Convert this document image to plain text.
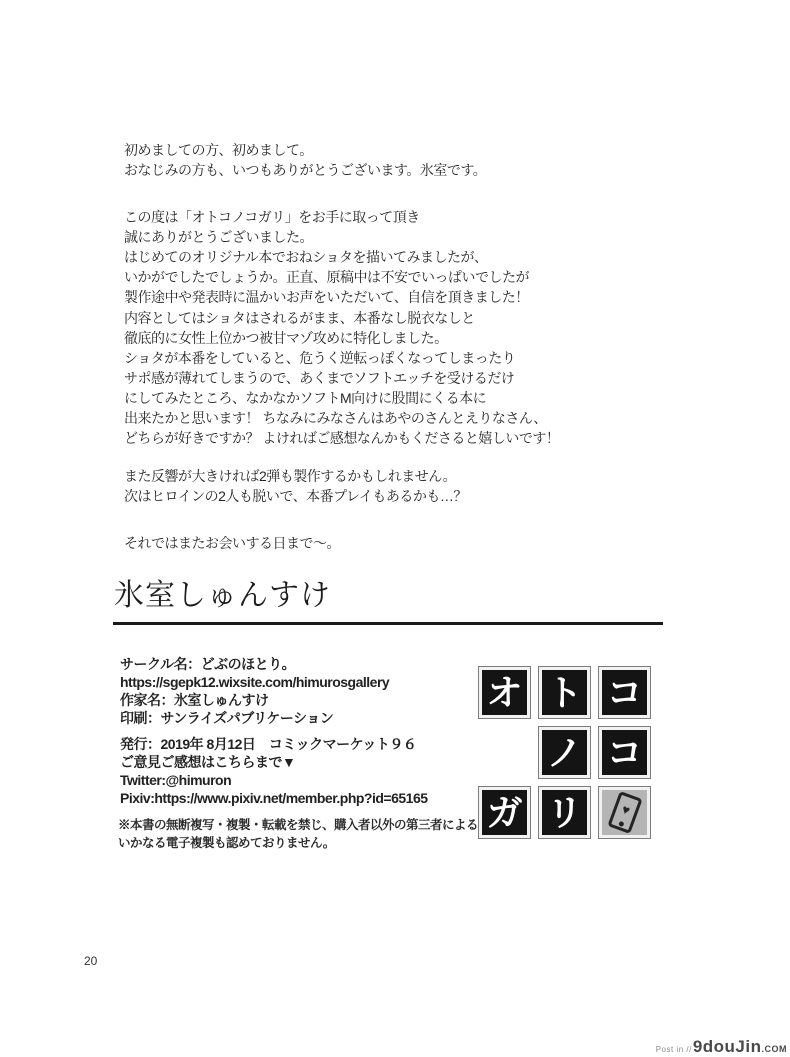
初めましての方、初めまして。
おなじみの方も、いつもありがとうございます。氷室です。
この度は「オトコノコガリ」をお手に取って頂き
誠にありがとうございました。
はじめてのオリジナル本でおねショタを描いてみましたが、
いかがでしたでしょうか。正直、原稿中は不安でいっぱいでしたが
製作途中や発表時に温かいお声をいただいて、自信を頂きました！
内容としてはショタはされるがまま、本番なし脱衣なしと
徹底的に女性上位かつ被甘マゾ攻めに特化しました。
ショタが本番をしていると、危うく逆転っぽくなってしまったり
サポ感が薄れてしまうので、あくまでソフトエッチを受けるだけ
にしてみたところ、なかなかソフトM向けに股間にくる本に
出来たかと思います！ ちなみにみなさんはあやのさんとえりなさん、
どちらが好きですか？ よければご感想なんかもくださると嬉しいです！
また反響が大きければ2弾も製作するかもしれません。
次はヒロインの2人も脱いで、本番プレイもあるかも…？
それではまたお会いする日まで～。
氷室しゅんすけ
サークル名：どぶのほとり。
https://sgepk12.wixsite.com/himurosgallery
作家名：氷室しゅんすけ
印刷：サンライズパブリケーション
発行：2019年 8月12日　コミックマーケット９６
ご意見ご感想はこちらまで▼
Twitter:@himuron
Pixiv:https://www.pixiv.net/member.php?id=65165
※本書の無断複写・複製・転載を禁じ、購入者以外の第三者による
いかなる電子複製も認めておりません。
オ ト コ
ノ コ
ガ リ	♥
20
Post in // 9douJin .COM
